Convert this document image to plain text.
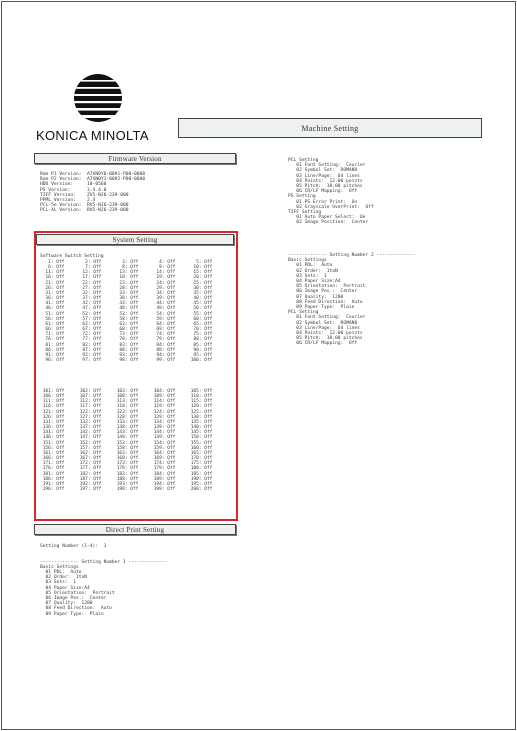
KONICA MINOLTA	Machine Setting
Firmware Version
Rom P1 Version:  A7XN0Y0-0091-P00-0000
Rom P2 Version:  A7XN0Y1-0092-P00-0000
HDD Version:     10-0560
PS Version:      3.4.4.0
TIFF Version:    ZV5-NJ6-239-000
PPML Version:    2.4
PCL-5e Version:  RV5-NJ6-239-000
PCL-XL Version:  RV5-NJ6-239-000
System Setting
Software Switch Setting
1: Off	2: Off	3: Off	4: Off	5: Off
6: Off	7: Off	8: Off	9: Off	10: Off
11: Off	12: Off	13: Off	14: Off	15: Off
16: Off	17: Off	18: Off	19: Off	20: Off
21: Off	22: Off	23: Off	24: Off	25: Off
26: Off	27: Off	28: Off	29: Off	30: Off
31: Off	32: Off	33: Off	34: Off	35: Off
36: Off	37: Off	38: Off	39: Off	40: Off
41: Off	42: Off	43: Off	44: Off	45: Off
46: Off	47: Off	48: Off	49: Off	50: Off
51: Off	52: Off	53: Off	54: Off	55: Off
56: Off	57: Off	58: Off	59: Off	60: Off
61: Off	62: Off	63: Off	64: Off	65: Off
66: Off	67: Off	68: Off	69: Off	70: Off
71: Off	72: Off	73: Off	74: Off	75: Off
76: Off	77: Off	78: Off	79: Off	80: Off
81: Off	82: Off	83: Off	84: Off	85: Off
86: Off	87: Off	88: Off	89: Off	90: Off
91: Off	92: Off	93: Off	94: Off	95: Off
96: Off	97: Off	98: Off	99: Off	100: Off
101: Off	102: Off	103: Off	104: Off	105: Off
106: Off	107: Off	108: Off	109: Off	110: Off
111: Off	112: Off	113: Off	114: Off	115: Off
116: Off	117: Off	118: Off	119: Off	120: Off
121: Off	122: Off	123: Off	124: Off	125: Off
126: Off	127: Off	128: Off	129: Off	130: Off
131: Off	132: Off	133: Off	134: Off	135: Off
136: Off	137: Off	138: Off	139: Off	140: Off
141: Off	142: Off	143: Off	144: Off	145: Off
146: Off	147: Off	148: Off	149: Off	150: Off
151: Off	152: Off	153: Off	154: Off	155: Off
156: Off	157: Off	158: Off	159: Off	160: Off
161: Off	162: Off	163: Off	164: Off	165: Off
166: Off	167: Off	168: Off	169: Off	170: Off
171: Off	172: Off	173: Off	174: Off	175: Off
176: Off	177: Off	178: Off	179: Off	180: Off
181: Off	182: Off	183: Off	184: Off	185: Off
186: Off	187: Off	188: Off	189: Off	190: Off
191: Off	192: Off	193: Off	194: Off	195: Off
196: Off	197: Off	198: Off	199: Off	200: Off
Direct Print Setting
Setting Number (1-4):  1

-------------- Setting Number 1 --------------
Basic Settings
01 PDL:  Auto
02 Order:  1toN
03 Sets:  1
04 Paper Size:A4
05 Orientation:  Portrait
06 Image Pos.:  Center
07 Quality:  1200
08 Feed Direction:  Auto
09 Paper Type:  Plain
PCL Setting
01 Font Setting:  Courier
02 Symbol Set:  ROMAN8
03 Line/Page:  64 lines
04 Points:  12.00 points
05 Pitch:  10.00 pitches
06 CR/LF Mapping:  Off
PS Setting
01 PS Error Print:  On
02 Grayscale OverPrint:  Off
TIFF Setting
01 Auto Paper Select:  On
02 Image Position:  Center
-------------- Setting Number 2 --------------
Basic Settings
01 PDL:  Auto
02 Order:  1toN
03 Sets:  1
04 Paper Size:A4
05 Orientation:  Portrait
06 Image Pos.:  Center
07 Quality:  1200
08 Feed Direction:  Auto
09 Paper Type:  Plain
PCL Setting
01 Font Setting:  Courier
02 Symbol Set:  ROMAN8
03 Line/Page:  64 lines
04 Points:  12.00 points
05 Pitch:  10.00 pitches
06 CR/LF Mapping:  Off
